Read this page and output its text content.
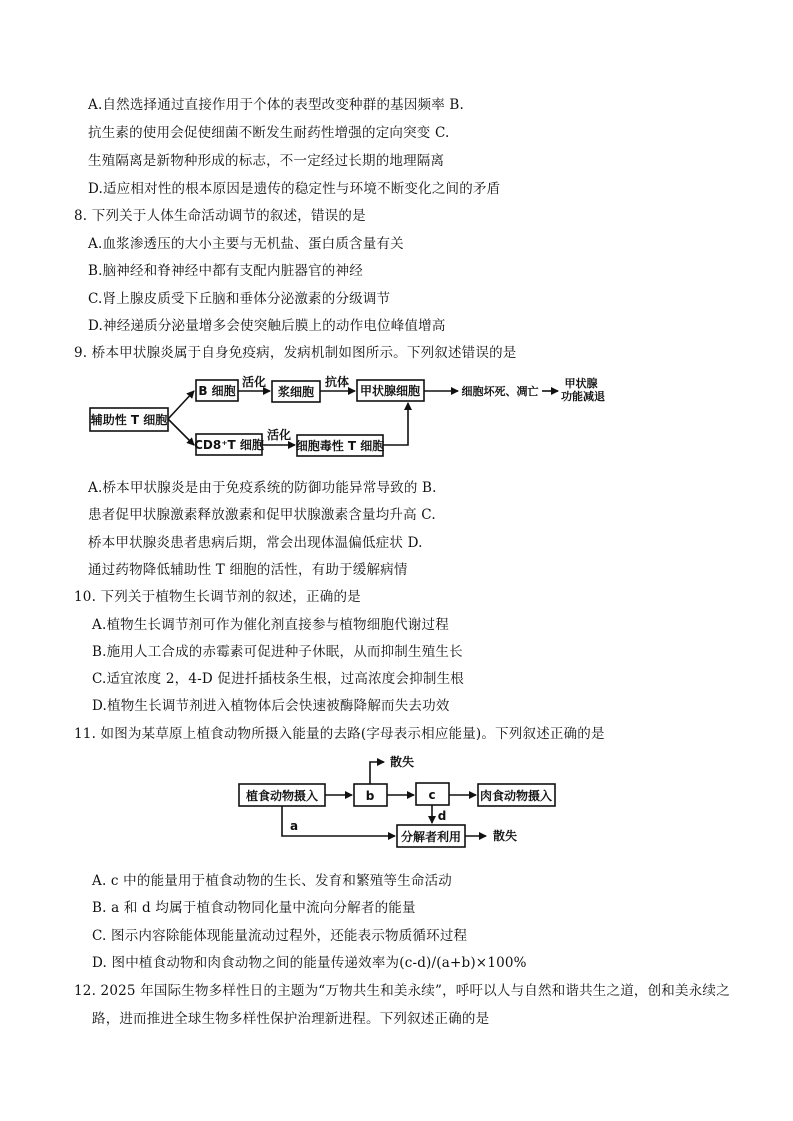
A.自然选择通过直接作用于个体的表型改变种群的基因频率 B.
抗生素的使用会促使细菌不断发生耐药性增强的定向突变 C.
生殖隔离是新物种形成的标志，不一定经过长期的地理隔离
D.适应相对性的根本原因是遗传的稳定性与环境不断变化之间的矛盾
8. 下列关于人体生命活动调节的叙述，错误的是
A.血浆渗透压的大小主要与无机盐、蛋白质含量有关
B.脑神经和脊神经中都有支配内脏器官的神经
C.肾上腺皮质受下丘脑和垂体分泌激素的分级调节
D.神经递质分泌量增多会使突触后膜上的动作电位峰值增高
9. 桥本甲状腺炎属于自身免疫病，发病机制如图所示。下列叙述错误的是
A.桥本甲状腺炎是由于免疫系统的防御功能异常导致的 B.
患者促甲状腺激素释放激素和促甲状腺激素含量均升高 C.
桥本甲状腺炎患者患病后期，常会出现体温偏低症状 D.
通过药物降低辅助性 T 细胞的活性，有助于缓解病情
10. 下列关于植物生长调节剂的叙述，正确的是
A.植物生长调节剂可作为催化剂直接参与植物细胞代谢过程
B.施用人工合成的赤霉素可促进种子休眠，从而抑制生殖生长
C.适宜浓度 2，4-D 促进扦插枝条生根，过高浓度会抑制生根
D.植物生长调节剂进入植物体后会快速被酶降解而失去功效
11. 如图为某草原上植食动物所摄入能量的去路(字母表示相应能量)。下列叙述正确的是
A. c 中的能量用于植食动物的生长、发育和繁殖等生命活动
B. a 和 d 均属于植食动物同化量中流向分解者的能量
C. 图示内容除能体现能量流动过程外，还能表示物质循环过程
D. 图中植食动物和肉食动物之间的能量传递效率为(c-d)/(a+b)×100%
12. 2025 年国际生物多样性日的主题为“万物共生和美永续”，呼吁以人与自然和谐共生之道，创和美永续之
路，进而推进全球生物多样性保护治理新进程。下列叙述正确的是
辅助性 T 细胞
B 细胞
活化
浆细胞
抗体
甲状腺细胞	细胞坏死、凋亡
甲状腺
功能减退
CD8⁺T 细胞
活化
细胞毒性 T 细胞
植食动物摄入	b	c	肉食动物摄入
散失
d
a
分解者利用	散失
